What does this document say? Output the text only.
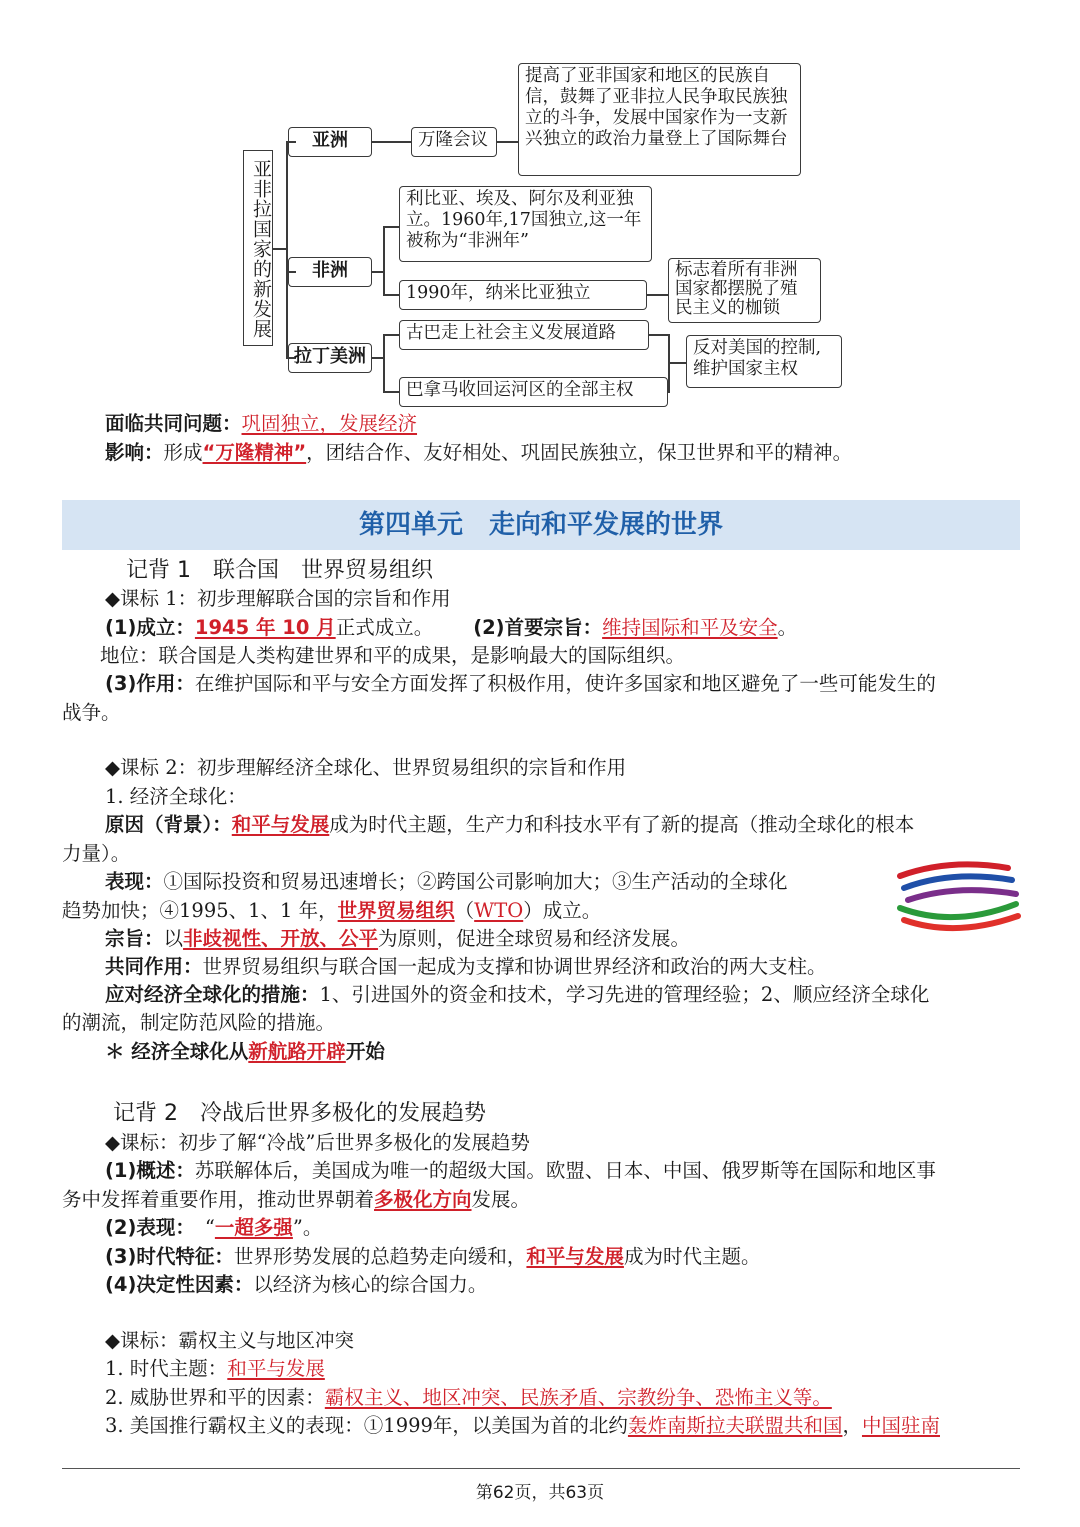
亚非拉国家的新发展
亚洲	万隆会议
提高了亚非国家和地区的民族自信，鼓舞了亚非拉人民争取民族独立的斗争，发展中国家作为一支新兴独立的政治力量登上了国际舞台
非洲
利比亚、埃及、阿尔及利亚独立。1960年,17国独立,这一年被称为“非洲年”
1990年，纳米比亚独立
标志着所有非洲国家都摆脱了殖民主义的枷锁
拉丁美洲
古巴走上社会主义发展道路
巴拿马收回运河区的全部主权
反对美国的控制,维护国家主权
面临共同问题：巩固独立，发展经济
影响：形成“万隆精神”，团结合作、友好相处、巩固民族独立，保卫世界和平的精神。
第四单元　走向和平发展的世界
记背 1　联合国　世界贸易组织
◆课标 1：初步理解联合国的宗旨和作用
(1)成立：1945 年 10 月正式成立。 (2)首要宗旨：维持国际和平及安全。
地位：联合国是人类构建世界和平的成果，是影响最大的国际组织。
(3)作用：在维护国际和平与安全方面发挥了积极作用，使许多国家和地区避免了一些可能发生的
战争。
◆课标 2：初步理解经济全球化、世界贸易组织的宗旨和作用
1. 经济全球化：
原因（背景）：和平与发展成为时代主题，生产力和科技水平有了新的提高（推动全球化的根本
力量）。
表现：①国际投资和贸易迅速增长；②跨国公司影响加大；③生产活动的全球化
趋势加快；④1995、1、1 年，世界贸易组织（WTO）成立。
宗旨：以非歧视性、开放、公平为原则，促进全球贸易和经济发展。
共同作用：世界贸易组织与联合国一起成为支撑和协调世界经济和政治的两大支柱。
应对经济全球化的措施：1、引进国外的资金和技术，学习先进的管理经验；2、顺应经济全球化
的潮流，制定防范风险的措施。
＊ 经济全球化从新航路开辟开始
记背 2　冷战后世界多极化的发展趋势
◆课标：初步了解“冷战”后世界多极化的发展趋势
(1)概述：苏联解体后，美国成为唯一的超级大国。欧盟、日本、中国、俄罗斯等在国际和地区事
务中发挥着重要作用，推动世界朝着多极化方向发展。
(2)表现： “一超多强”。
(3)时代特征：世界形势发展的总趋势走向缓和，和平与发展成为时代主题。
(4)决定性因素：以经济为核心的综合国力。
◆课标：霸权主义与地区冲突
1. 时代主题：和平与发展
2. 威胁世界和平的因素：霸权主义、地区冲突、民族矛盾、宗教纷争、恐怖主义等。
3. 美国推行霸权主义的表现：①1999年，以美国为首的北约轰炸南斯拉夫联盟共和国，中国驻南
第62页，共63页
